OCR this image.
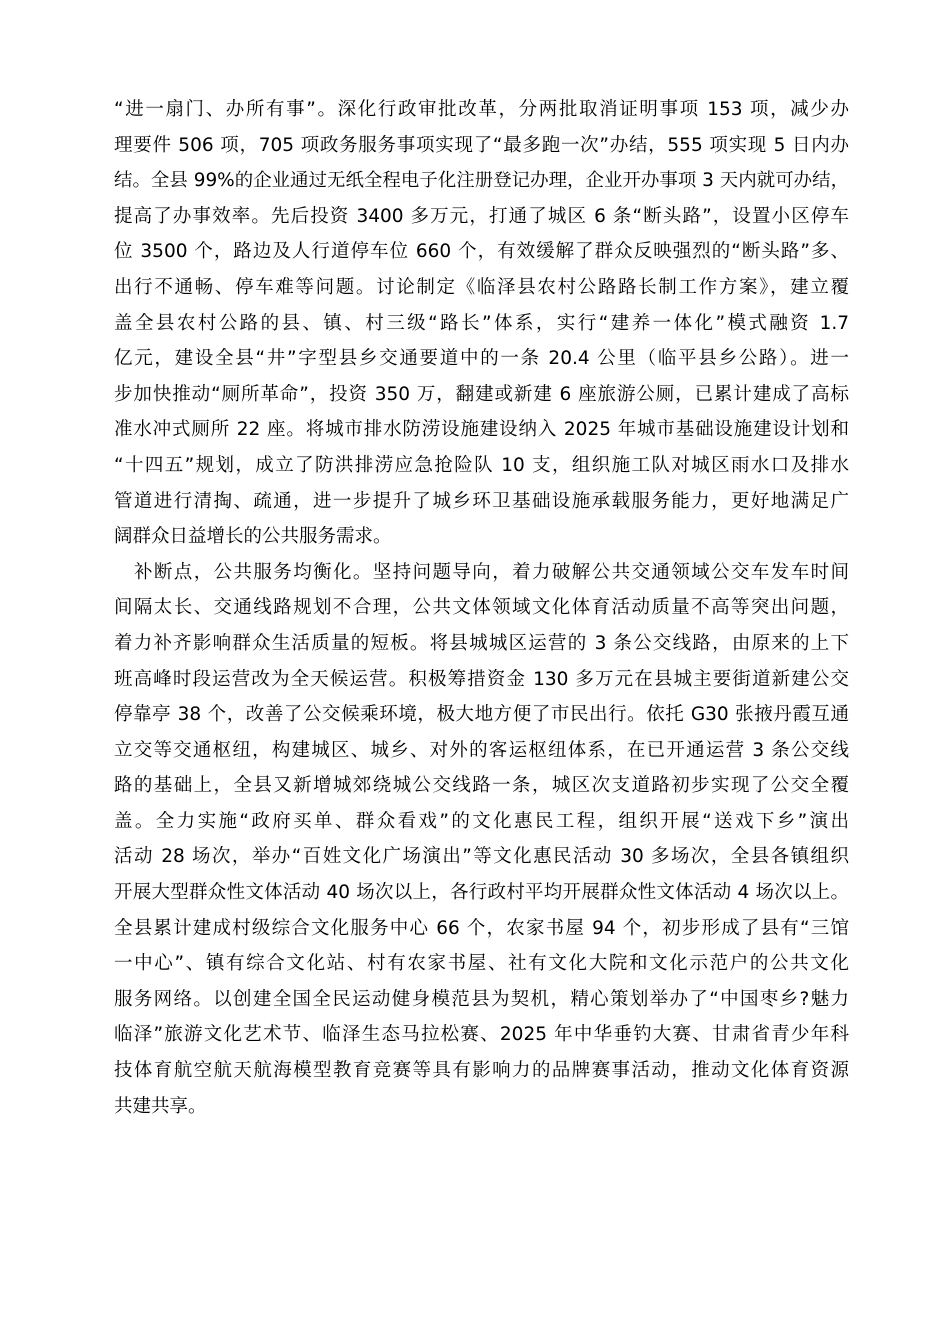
“进一扇门、办所有事”。深化行政审批改革，分两批取消证明事项 153 项，减少办
理要件 506 项，705 项政务服务事项实现了“最多跑一次”办结，555 项实现 5 日内办
结。全县 99%的企业通过无纸全程电子化注册登记办理，企业开办事项 3 天内就可办结，
提高了办事效率。先后投资 3400 多万元，打通了城区 6 条“断头路”，设置小区停车
位 3500 个，路边及人行道停车位 660 个，有效缓解了群众反映强烈的“断头路”多、
出行不通畅、停车难等问题。讨论制定《临泽县农村公路路长制工作方案》，建立覆
盖全县农村公路的县、镇、村三级“路长”体系，实行“建养一体化”模式融资 1.7
亿元，建设全县“井”字型县乡交通要道中的一条 20.4 公里（临平县乡公路）。进一
步加快推动“厕所革命”，投资 350 万，翻建或新建 6 座旅游公厕，已累计建成了高标
准水冲式厕所 22 座。将城市排水防涝设施建设纳入 2025 年城市基础设施建设计划和
“十四五”规划，成立了防洪排涝应急抢险队 10 支，组织施工队对城区雨水口及排水
管道进行清掏、疏通，进一步提升了城乡环卫基础设施承载服务能力，更好地满足广
阔群众日益增长的公共服务需求。
补断点，公共服务均衡化。坚持问题导向，着力破解公共交通领域公交车发车时间
间隔太长、交通线路规划不合理，公共文体领域文化体育活动质量不高等突出问题，
着力补齐影响群众生活质量的短板。将县城城区运营的 3 条公交线路，由原来的上下
班高峰时段运营改为全天候运营。积极筹措资金 130 多万元在县城主要街道新建公交
停靠亭 38 个，改善了公交候乘环境，极大地方便了市民出行。依托 G30 张掖丹霞互通
立交等交通枢纽，构建城区、城乡、对外的客运枢纽体系，在已开通运营 3 条公交线
路的基础上，全县又新增城郊绕城公交线路一条，城区次支道路初步实现了公交全覆
盖。全力实施“政府买单、群众看戏”的文化惠民工程，组织开展“送戏下乡”演出
活动 28 场次，举办“百姓文化广场演出”等文化惠民活动 30 多场次，全县各镇组织
开展大型群众性文体活动 40 场次以上，各行政村平均开展群众性文体活动 4 场次以上。
全县累计建成村级综合文化服务中心 66 个，农家书屋 94 个，初步形成了县有“三馆
一中心”、镇有综合文化站、村有农家书屋、社有文化大院和文化示范户的公共文化
服务网络。以创建全国全民运动健身模范县为契机，精心策划举办了“中国枣乡?魅力
临泽”旅游文化艺术节、临泽生态马拉松赛、2025 年中华垂钓大赛、甘肃省青少年科
技体育航空航天航海模型教育竞赛等具有影响力的品牌赛事活动，推动文化体育资源
共建共享。
